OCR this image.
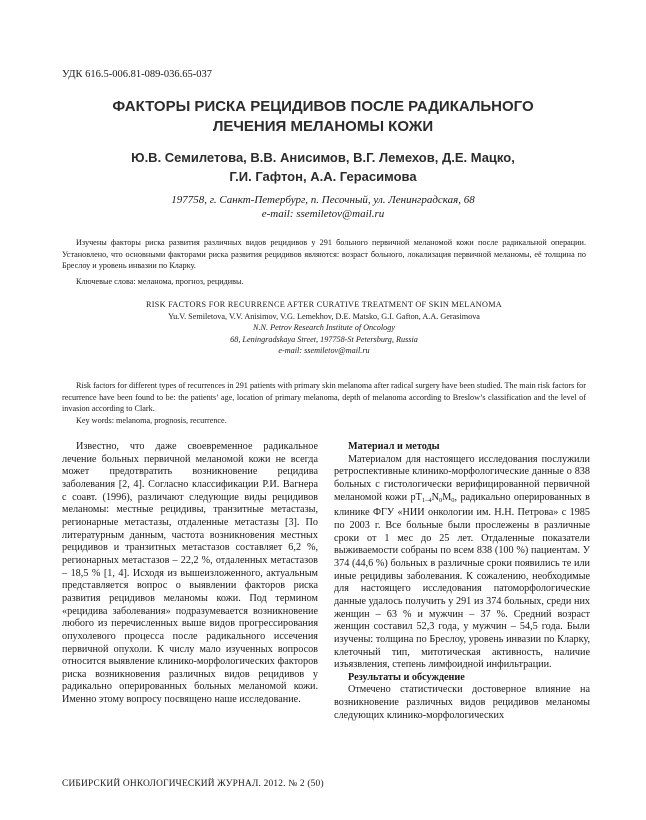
УДК 616.5-006.81-089-036.65-037
ФАКТОРЫ РИСКА РЕЦИДИВОВ ПОСЛЕ РАДИКАЛЬНОГО
ЛЕЧЕНИЯ МЕЛАНОМЫ КОЖИ
Ю.В. Семилетова, В.В. Анисимов, В.Г. Лемехов, Д.Е. Мацко,
Г.И. Гафтон, А.А. Герасимова
197758, г. Санкт-Петербург, п. Песочный, ул. Ленинградская, 68
e-mail: ssemiletov@mail.ru

Изучены факторы риска развития различных видов рецидивов у 291 больного первичной меланомой кожи после радикальной операции. Установлено, что основными факторами риска развития рецидивов являются: возраст больного, локализация первичной меланомы, её толщина по Бреслоу и уровень инвазии по Кларку.

Ключевые слова: меланома, прогноз, рецидивы.

RISK FACTORS FOR RECURRENCE AFTER CURATIVE TREATMENT OF SKIN MELANOMA
Yu.V. Semiletova, V.V. Anisimov, V.G. Lemekhov, D.E. Matsko, G.I. Gafton, A.A. Gerasimova
N.N. Petrov Research Institute of Oncology
68, Leningradskaya Street, 197758-St Petersburg, Russia
e-mail: ssemiletov@mail.ru

Risk factors for different types of recurrences in 291 patients with primary skin melanoma after radical surgery have been studied. The main risk factors for recurrence have been found to be: the patients’ age, location of primary melanoma, depth of melanoma according to Breslow’s classification and the level of invasion according to Clark.

Key words: melanoma, prognosis, recurrence.

Известно, что даже своевременное радикальное лечение больных первичной меланомой кожи не всегда может предотвратить возникновение рецидива заболевания [2, 4]. Согласно классификации Р.И. Вагнера с соавт. (1996), различают следующие виды рецидивов меланомы: местные рецидивы, транзитные метастазы, регионарные метастазы, отдаленные метастазы [3]. По литературным данным, частота возникновения местных рецидивов и транзитных метастазов составляет 6,2 %, регионарных метастазов – 22,2 %, отдаленных метастазов – 18,5 % [1, 4]. Исходя из вышеизложенного, актуальным представляется вопрос о выявлении факторов риска развития рецидивов меланомы кожи. Под термином «рецидива заболевания» подразумевается возникновение любого из перечисленных выше видов прогрессирования опухолевого процесса после радикального иссечения первичной опухоли. К числу мало изученных вопросов относится выявление клинико-морфологических факторов риска возникновения различных видов рецидивов у радикально оперированных больных меланомой кожи. Именно этому вопросу посвящено наше исследование.

Материал и методы

Материалом для настоящего исследования послужили ретроспективные клинико-морфологические данные о 838 больных с гистологически верифицированной первичной меланомой кожи $pT_{1-4}N_0M_0$, радикально оперированных в клинике ФГУ «НИИ онкологии им. Н.Н. Петрова» с 1985 по 2003 г. Все больные были прослежены в различные сроки от 1 мес до 25 лет. Отдаленные показатели выживаемости собраны по всем 838 (100 %) пациентам. У 374 (44,6 %) больных в различные сроки появились те или иные рецидивы заболевания. К сожалению, необходимые для настоящего исследования патоморфологические данные удалось получить у 291 из 374 больных, среди них женщин – 63 % и мужчин – 37 %. Средний возраст женщин составил 52,3 года, у мужчин – 54,5 года. Были изучены: толщина по Бреслоу, уровень инвазии по Кларку, клеточный тип, митотическая активность, наличие изъязвления, степень лимфоидной инфильтрации.

Результаты и обсуждение

Отмечено статистически достоверное влияние на возникновение различных видов рецидивов меланомы следующих клинико-морфологических

СИБИРСКИЙ ОНКОЛОГИЧЕСКИЙ ЖУРНАЛ. 2012. № 2 (50)
